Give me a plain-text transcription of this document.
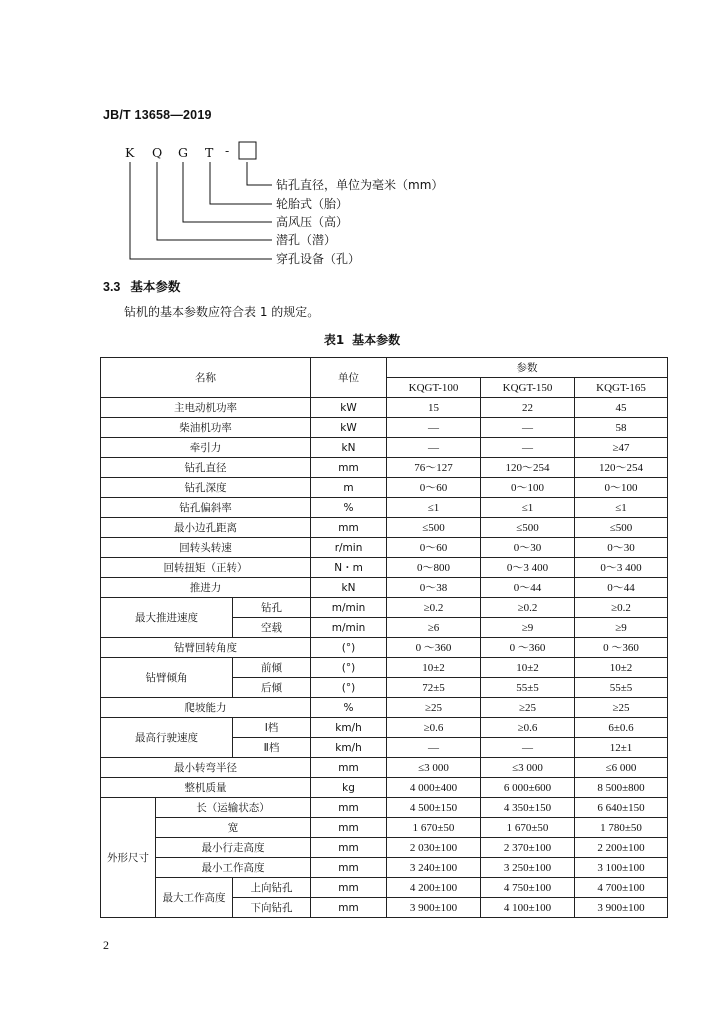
JB/T 13658—2019
K Q G T -
钻孔直径，单位为毫米（mm）
轮胎式（胎）
高风压（高）
潜孔（潜）
穿孔设备（孔）
3.3 基本参数
钻机的基本参数应符合表 1 的规定。
表1 基本参数
名称			单位	参数		
				KQGT-100	KQGT-150	KQGT-165
主电动机功率			kW	15	22	45
柴油机功率			kW	—	—	58
牵引力			kN	—	—	≥47
钻孔直径			mm	76～127	120～254	120～254
钻孔深度			m	0～60	0～100	0～100
钻孔偏斜率			%	≤1	≤1	≤1
最小边孔距离			mm	≤500	≤500	≤500
回转头转速			r/min	0～60	0～30	0～30
回转扭矩（正转）			N・m	0～800	0～3 400	0～3 400
推进力			kN	0～38	0～44	0～44
最大推进速度		钻孔	m/min	≥0.2	≥0.2	≥0.2
		空载	m/min	≥6	≥9	≥9
钻臂回转角度			(°)	0 ～360	0 ～360	0 ～360
钻臂倾角		前倾	(°)	10±2	10±2	10±2
		后倾	(°)	72±5	55±5	55±5
爬坡能力			%	≥25	≥25	≥25
最高行驶速度		Ⅰ档	km/h	≥0.6	≥0.6	6±0.6
		Ⅱ档	km/h	—	—	12±1
最小转弯半径			mm	≤3 000	≤3 000	≤6 000
整机质量			kg	4 000±400	6 000±600	8 500±800
外形尺寸	长（运输状态）		mm	4 500±150	4 350±150	6 640±150
	宽		mm	1 670±50	1 670±50	1 780±50
	最小行走高度		mm	2 030±100	2 370±100	2 200±100
	最小工作高度		mm	3 240±100	3 250±100	3 100±100
	最大工作高度	上向钻孔	mm	4 200±100	4 750±100	4 700±100
		下向钻孔	mm	3 900±100	4 100±100	3 900±100
2
